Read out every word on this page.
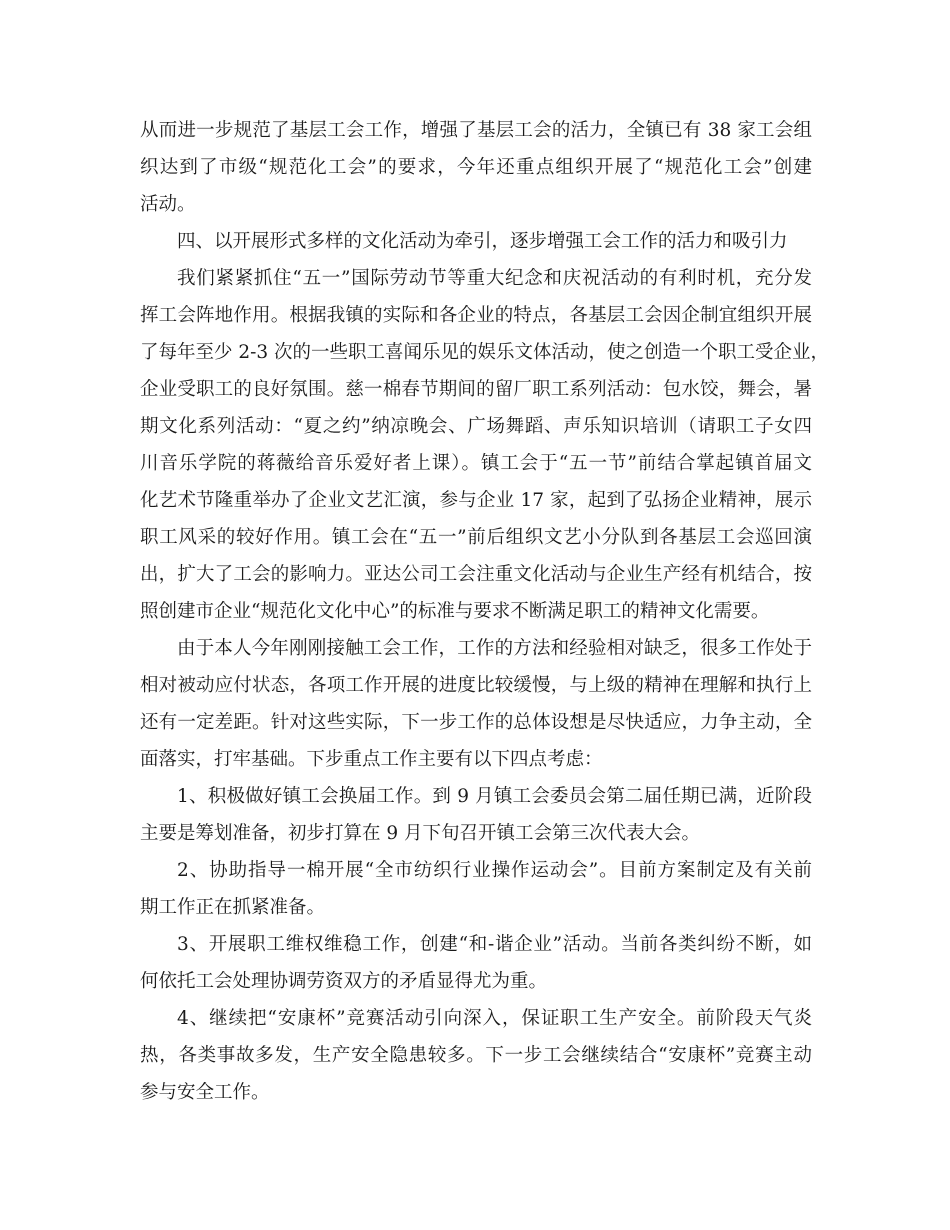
从而进一步规范了基层工会工作，增强了基层工会的活力，全镇已有 38 家工会组
织达到了市级“规范化工会”的要求，今年还重点组织开展了“规范化工会”创建
活动。
四、以开展形式多样的文化活动为牵引，逐步增强工会工作的活力和吸引力
我们紧紧抓住“五一”国际劳动节等重大纪念和庆祝活动的有利时机，充分发
挥工会阵地作用。根据我镇的实际和各企业的特点，各基层工会因企制宜组织开展
了每年至少 2-3 次的一些职工喜闻乐见的娱乐文体活动，使之创造一个职工受企业，
企业受职工的良好氛围。慈一棉春节期间的留厂职工系列活动：包水饺，舞会，暑
期文化系列活动：“夏之约”纳凉晚会、广场舞蹈、声乐知识培训（请职工子女四
川音乐学院的蒋薇给音乐爱好者上课）。镇工会于“五一节”前结合掌起镇首届文
化艺术节隆重举办了企业文艺汇演，参与企业 17 家，起到了弘扬企业精神，展示
职工风采的较好作用。镇工会在“五一”前后组织文艺小分队到各基层工会巡回演
出，扩大了工会的影响力。亚达公司工会注重文化活动与企业生产经有机结合，按
照创建市企业“规范化文化中心”的标准与要求不断满足职工的精神文化需要。
由于本人今年刚刚接触工会工作，工作的方法和经验相对缺乏，很多工作处于
相对被动应付状态，各项工作开展的进度比较缓慢，与上级的精神在理解和执行上
还有一定差距。针对这些实际，下一步工作的总体设想是尽快适应，力争主动，全
面落实，打牢基础。下步重点工作主要有以下四点考虑：
1、积极做好镇工会换届工作。到 9 月镇工会委员会第二届任期已满，近阶段
主要是筹划准备，初步打算在 9 月下旬召开镇工会第三次代表大会。
2、协助指导一棉开展“全市纺织行业操作运动会”。目前方案制定及有关前
期工作正在抓紧准备。
3、开展职工维权维稳工作，创建“和-谐企业”活动。当前各类纠纷不断，如
何依托工会处理协调劳资双方的矛盾显得尤为重。
4、继续把“安康杯”竞赛活动引向深入，保证职工生产安全。前阶段天气炎
热，各类事故多发，生产安全隐患较多。下一步工会继续结合“安康杯”竞赛主动
参与安全工作。
